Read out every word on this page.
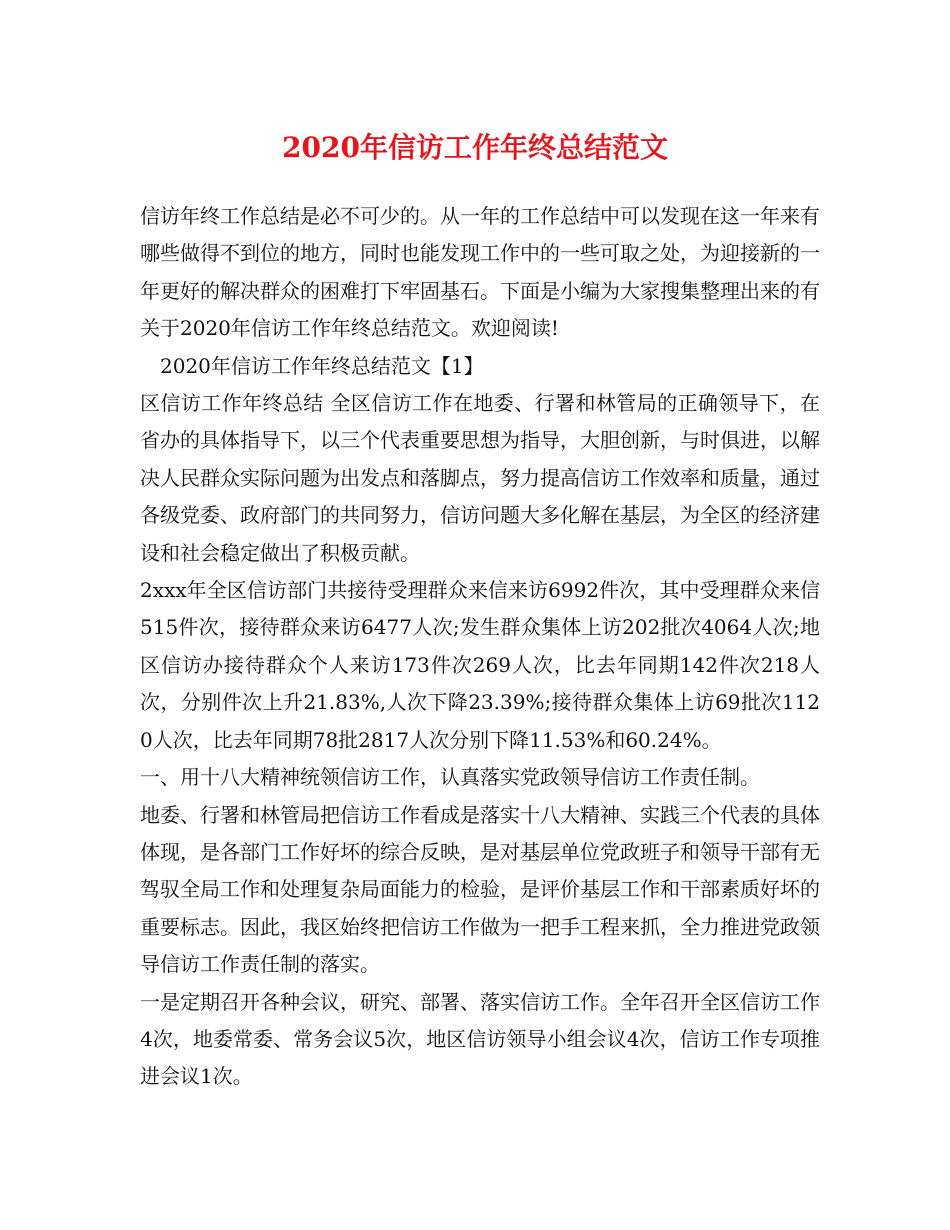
2020年信访工作年终总结范文

信访年终工作总结是必不可少的。从一年的工作总结中可以发现在这一年来有哪些做得不到位的地方，同时也能发现工作中的一些可取之处，为迎接新的一年更好的解决群众的困难打下牢固基石。下面是小编为大家搜集整理出来的有关于2020年信访工作年终总结范文。欢迎阅读!

　2020年信访工作年终总结范文【1】

区信访工作年终总结 全区信访工作在地委、行署和林管局的正确领导下，在省办的具体指导下，以三个代表重要思想为指导，大胆创新，与时俱进，以解决人民群众实际问题为出发点和落脚点，努力提高信访工作效率和质量，通过各级党委、政府部门的共同努力，信访问题大多化解在基层，为全区的经济建设和社会稳定做出了积极贡献。

2xxx年全区信访部门共接待受理群众来信来访6992件次，其中受理群众来信515件次，接待群众来访6477人次;发生群众集体上访202批次4064人次;地区信访办接待群众个人来访173件次269人次，比去年同期142件次218人次，分别件次上升21.83%,人次下降23.39%;接待群众集体上访69批次1120人次，比去年同期78批2817人次分别下降11.53%和60.24%。

一、用十八大精神统领信访工作，认真落实党政领导信访工作责任制。

地委、行署和林管局把信访工作看成是落实十八大精神、实践三个代表的具体体现，是各部门工作好坏的综合反映，是对基层单位党政班子和领导干部有无驾驭全局工作和处理复杂局面能力的检验，是评价基层工作和干部素质好坏的重要标志。因此，我区始终把信访工作做为一把手工程来抓，全力推进党政领导信访工作责任制的落实。

一是定期召开各种会议，研究、部署、落实信访工作。全年召开全区信访工作4次，地委常委、常务会议5次，地区信访领导小组会议4次，信访工作专项推进会议1次。
